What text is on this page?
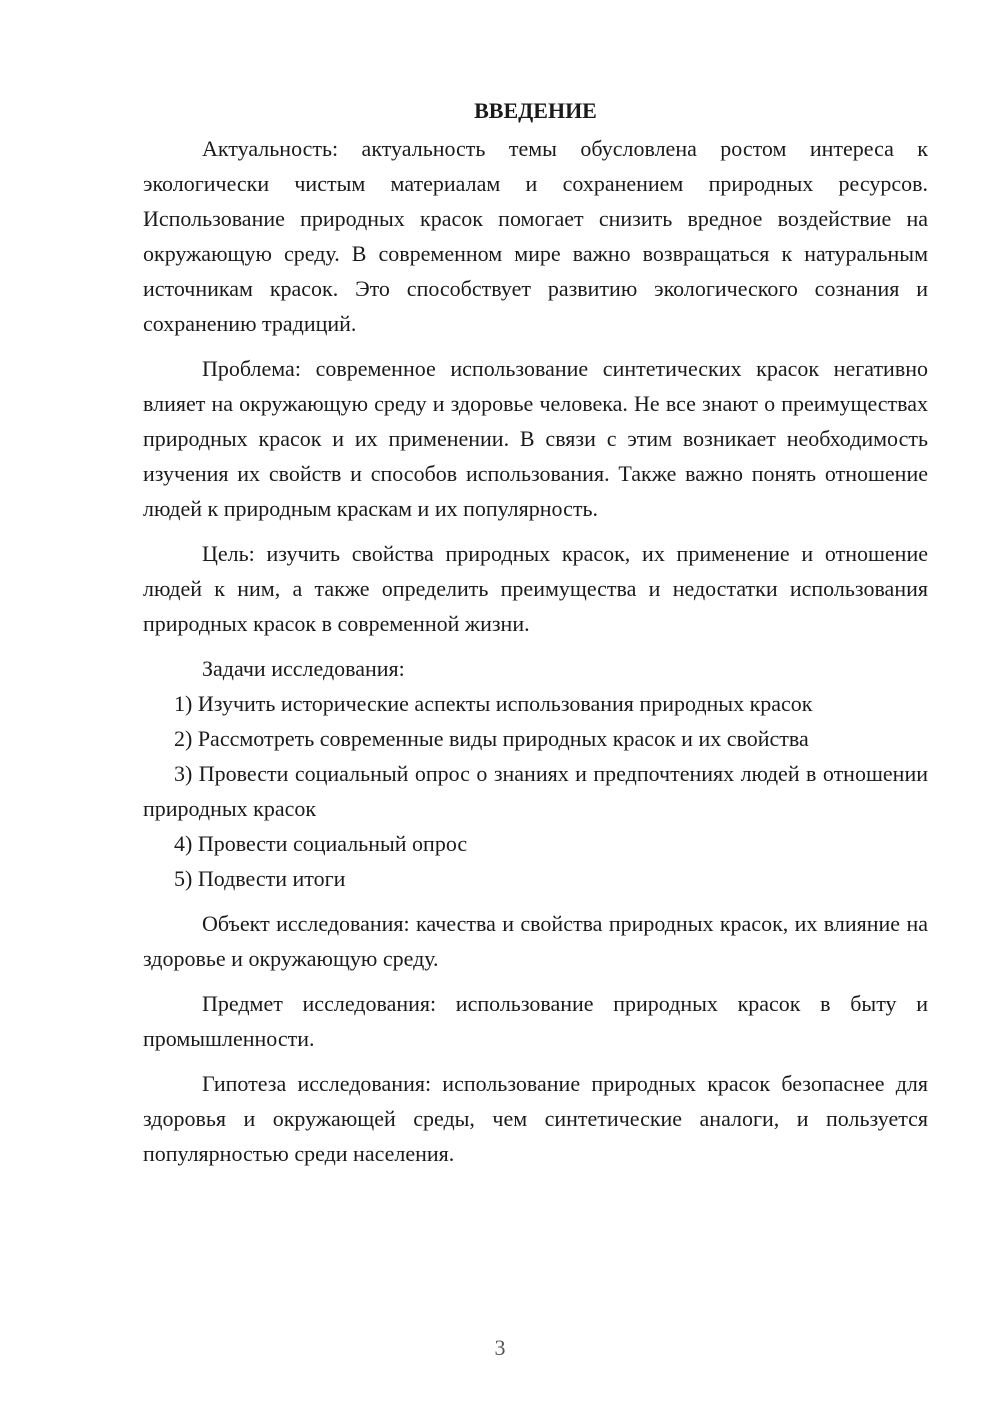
ВВЕДЕНИЕ

Актуальность: актуальность темы обусловлена ростом интереса к экологически чистым материалам и сохранением природных ресурсов. Использование природных красок помогает снизить вредное воздействие на окружающую среду. В современном мире важно возвращаться к натуральным источникам красок. Это способствует развитию экологического сознания и сохранению традиций.

Проблема: современное использование синтетических красок негативно влияет на окружающую среду и здоровье человека. Не все знают о преимуществах природных красок и их применении. В связи с этим возникает необходимость изучения их свойств и способов использования. Также важно понять отношение людей к природным краскам и их популярность.

Цель: изучить свойства природных красок, их применение и отношение людей к ним, а также определить преимущества и недостатки использования природных красок в современной жизни.

Задачи исследования:

1) Изучить исторические аспекты использования природных красок

2) Рассмотреть современные виды природных красок и их свойства

3) Провести социальный опрос о знаниях и предпочтениях людей в отношении природных красок

4) Провести социальный опрос

5) Подвести итоги

Объект исследования: качества и свойства природных красок, их влияние на здоровье и окружающую среду.

Предмет исследования: использование природных красок в быту и промышленности.

Гипотеза исследования: использование природных красок безопаснее для здоровья и окружающей среды, чем синтетические аналоги, и пользуется популярностью среди населения.

3
